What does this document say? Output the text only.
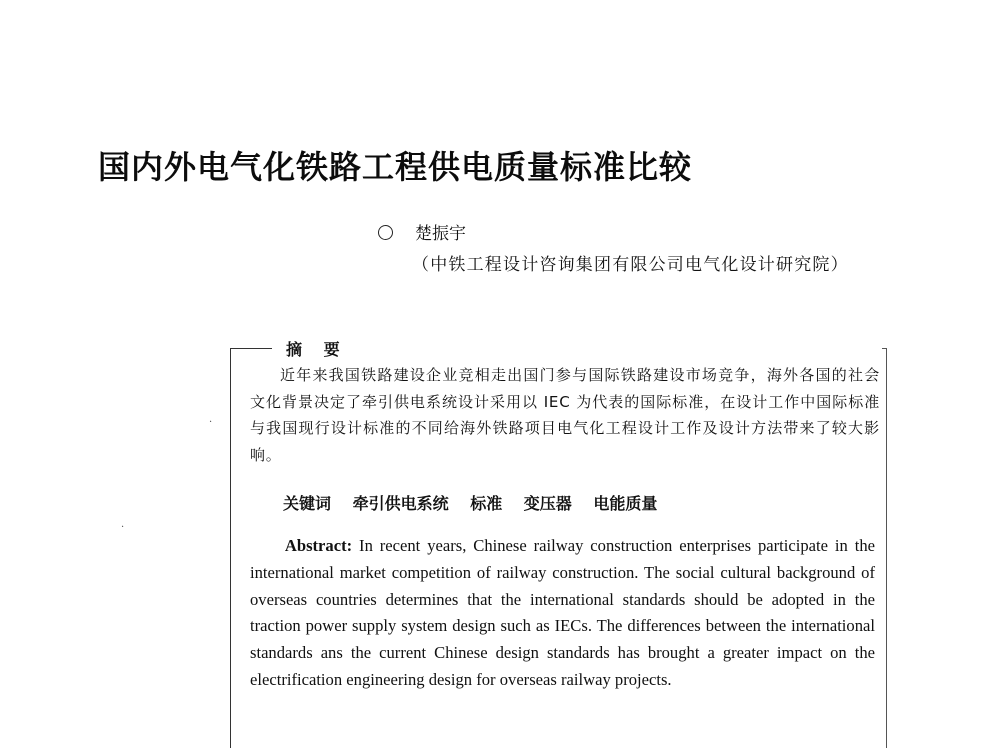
国内外电气化铁路工程供电质量标准比较
楚振宇
（中铁工程设计咨询集团有限公司电气化设计研究院）
摘 要

近年来我国铁路建设企业竞相走出国门参与国际铁路建设市场竞争，海外各国的社会文化背景决定了牵引供电系统设计采用以 IEC 为代表的国际标准，在设计工作中国际标准与我国现行设计标准的不同给海外铁路项目电气化工程设计工作及设计方法带来了较大影响。

关键词 牵引供电系统 标准 变压器 电能质量

Abstract: In recent years, Chinese railway construction enterprises participate in the international market competition of railway construction. The social cultural background of overseas countries determines that the international standards should be adopted in the traction power supply system design such as IECs. The differences between the international standards ans the current Chinese design standards has brought a greater impact on the electrification engineering design for overseas railway projects.

·
·
